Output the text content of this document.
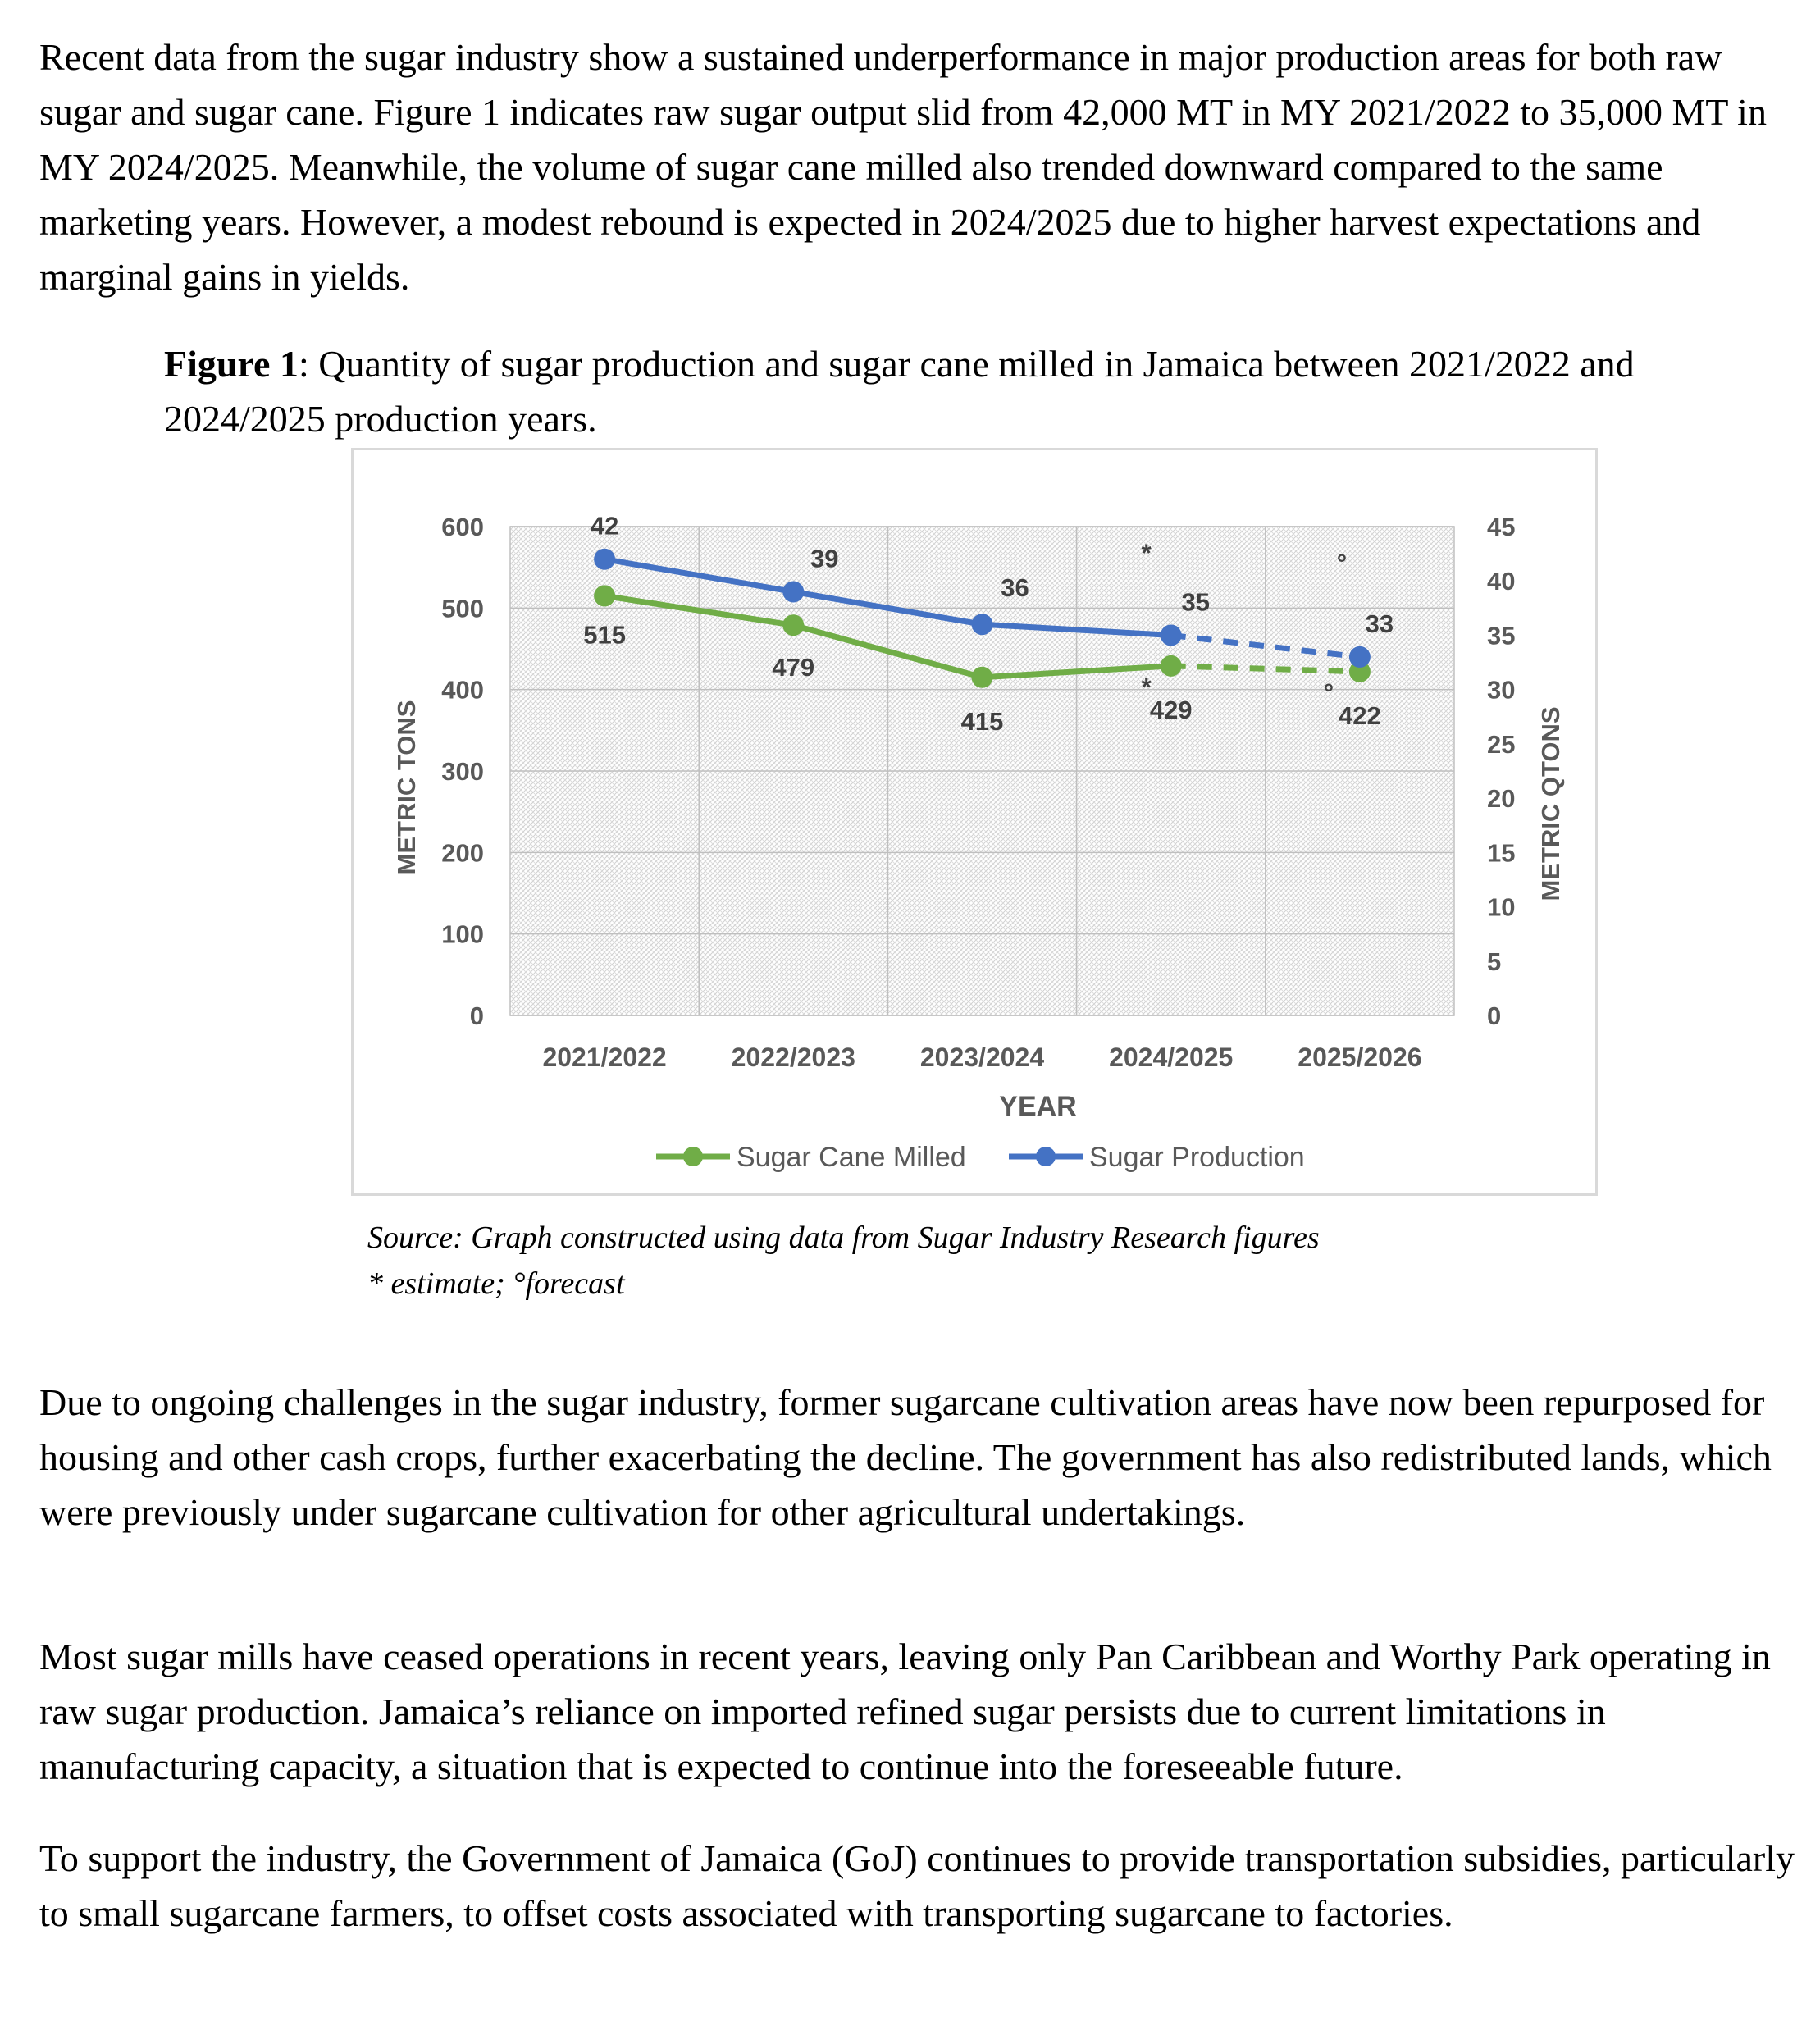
Recent data from the sugar industry show a sustained underperformance in major production areas for both raw sugar and sugar cane. Figure 1 indicates raw sugar output slid from 42,000 MT in MY 2021/2022 to 35,000 MT in MY 2024/2025. Meanwhile, the volume of sugar cane milled also trended downward compared to the same marketing years. However, a modest rebound is expected in 2024/2025 due to higher harvest expectations and marginal gains in yields.

Figure 1: Quantity of sugar production and sugar cane milled in Jamaica between 2021/2022 and 2024/2025 production years.

0
100
200
300
400
500
600
0
5
10
15
20
25
30
35
40
45
2021/2022 2022/2023 2023/2024 2024/2025 2025/2026
515
479
415	429
*
422
°
42
39
36	35
*
33
°
YEAR
METRIC TONS	METRIC QTONS
Sugar Cane Milled	Sugar Production
Source: Graph constructed using data from Sugar Industry Research figures
* estimate; °forecast

Due to ongoing challenges in the sugar industry, former sugarcane cultivation areas have now been repurposed for housing and other cash crops, further exacerbating the decline. The government has also redistributed lands, which were previously under sugarcane cultivation for other agricultural undertakings.

Most sugar mills have ceased operations in recent years, leaving only Pan Caribbean and Worthy Park operating in raw sugar production. Jamaica’s reliance on imported refined sugar persists due to current limitations in manufacturing capacity, a situation that is expected to continue into the foreseeable future.

To support the industry, the Government of Jamaica (GoJ) continues to provide transportation subsidies, particularly to small sugarcane farmers, to offset costs associated with transporting sugarcane to factories.
